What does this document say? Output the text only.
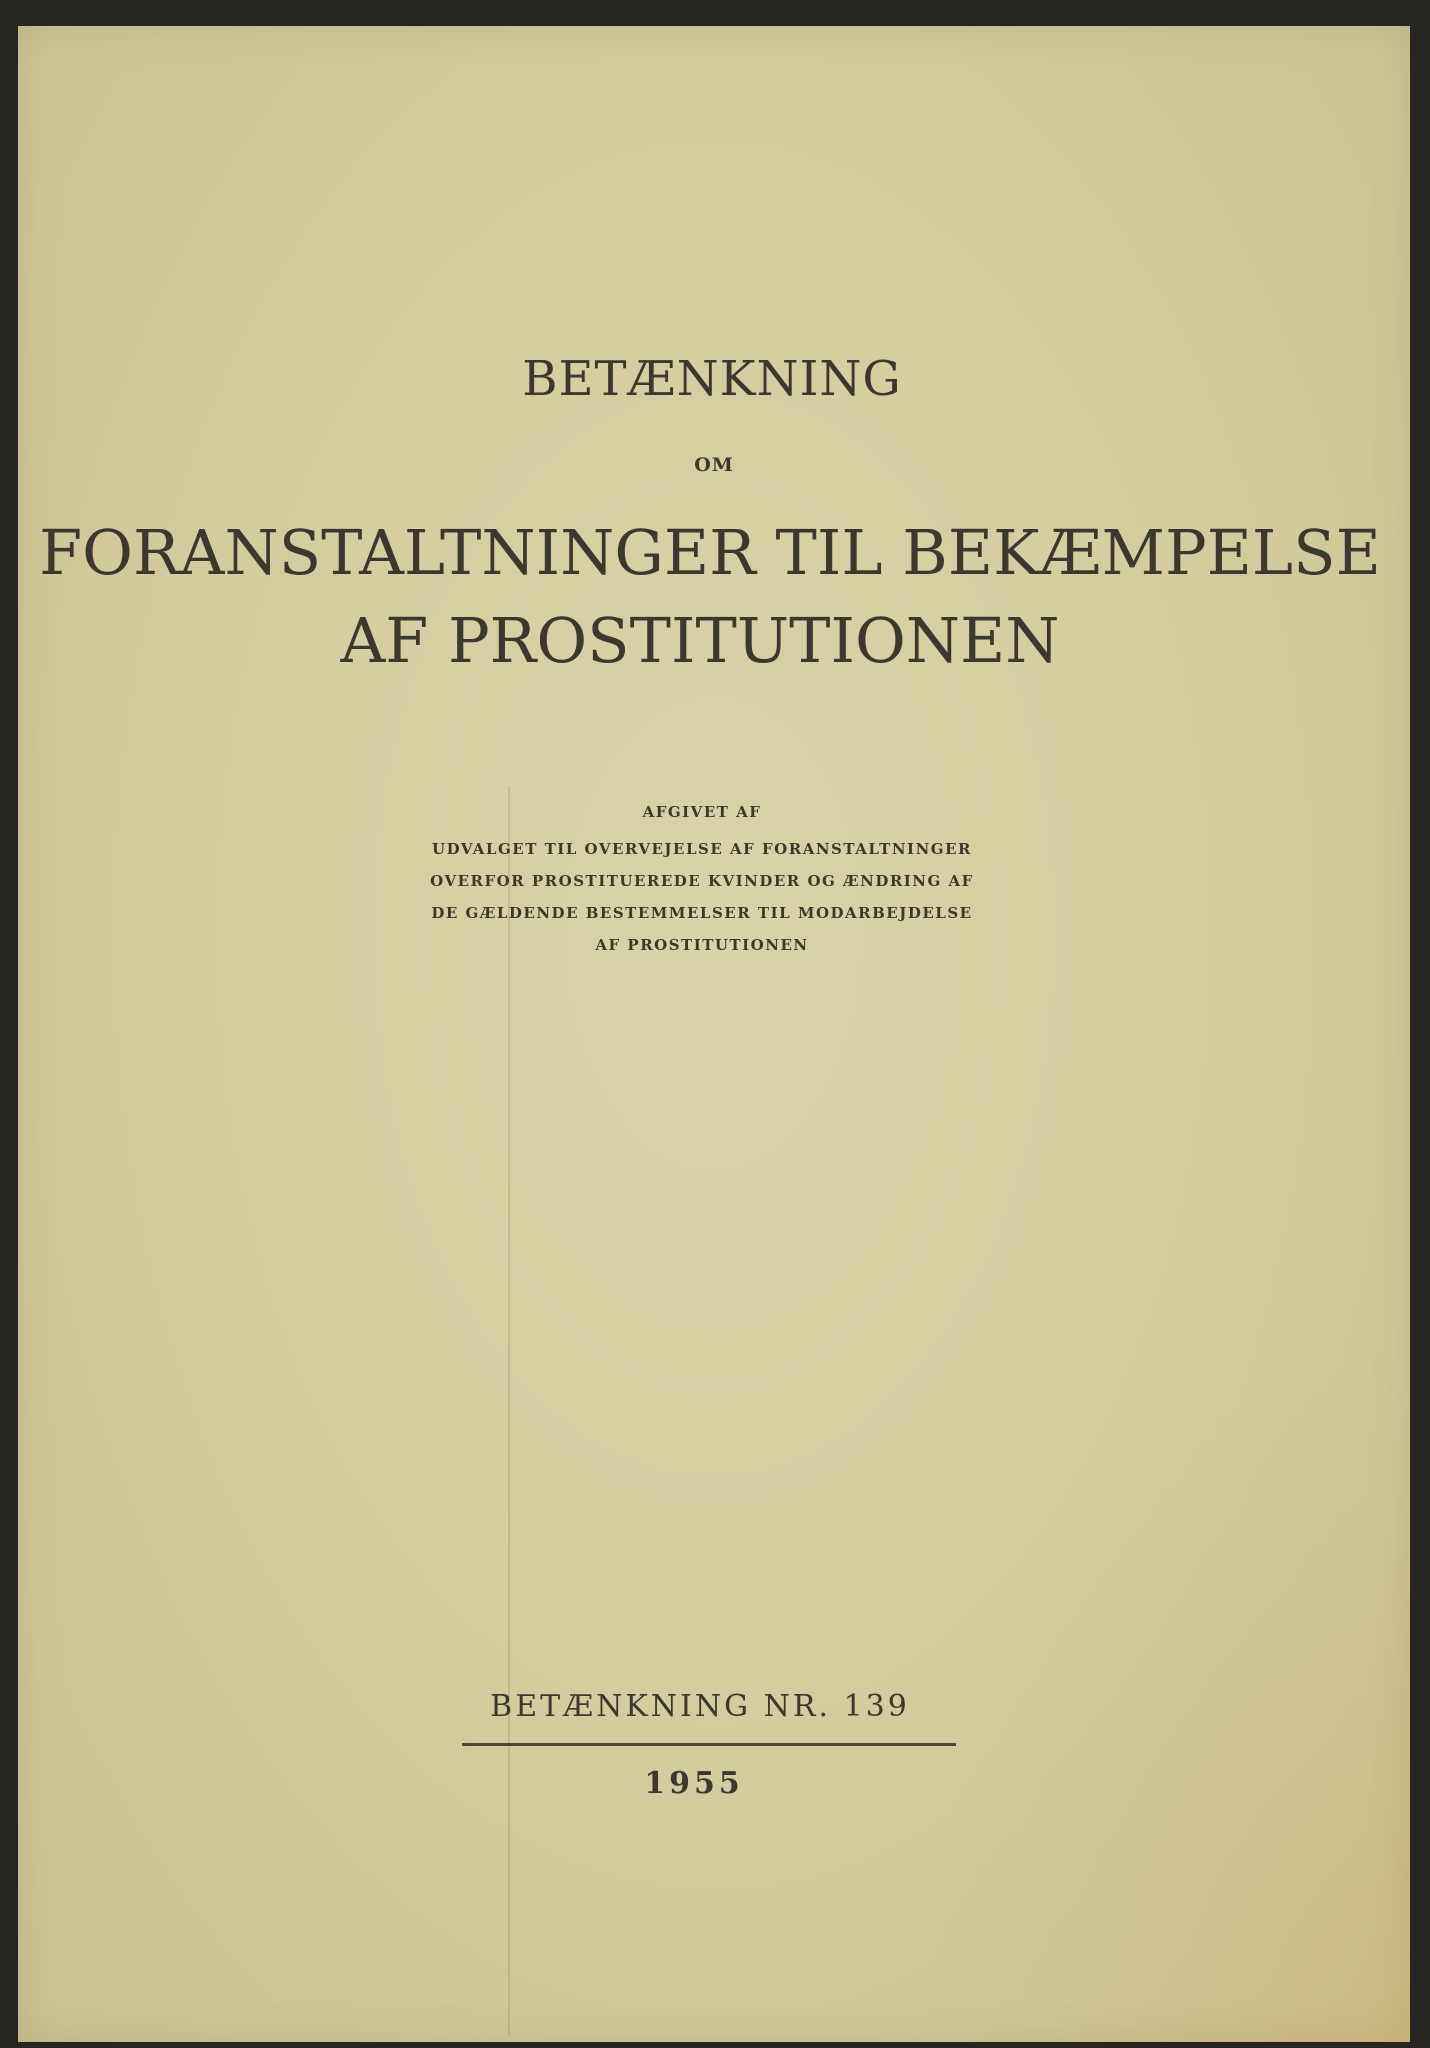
BETÆNKNING
OM
FORANSTALTNINGER TIL BEKÆMPELSE
AF PROSTITUTIONEN
AFGIVET AF
UDVALGET TIL OVERVEJELSE AF FORANSTALTNINGER
OVERFOR PROSTITUEREDE KVINDER OG ÆNDRING AF
DE GÆLDENDE BESTEMMELSER TIL MODARBEJDELSE
AF PROSTITUTIONEN
BETÆNKNING NR. 139
1955
